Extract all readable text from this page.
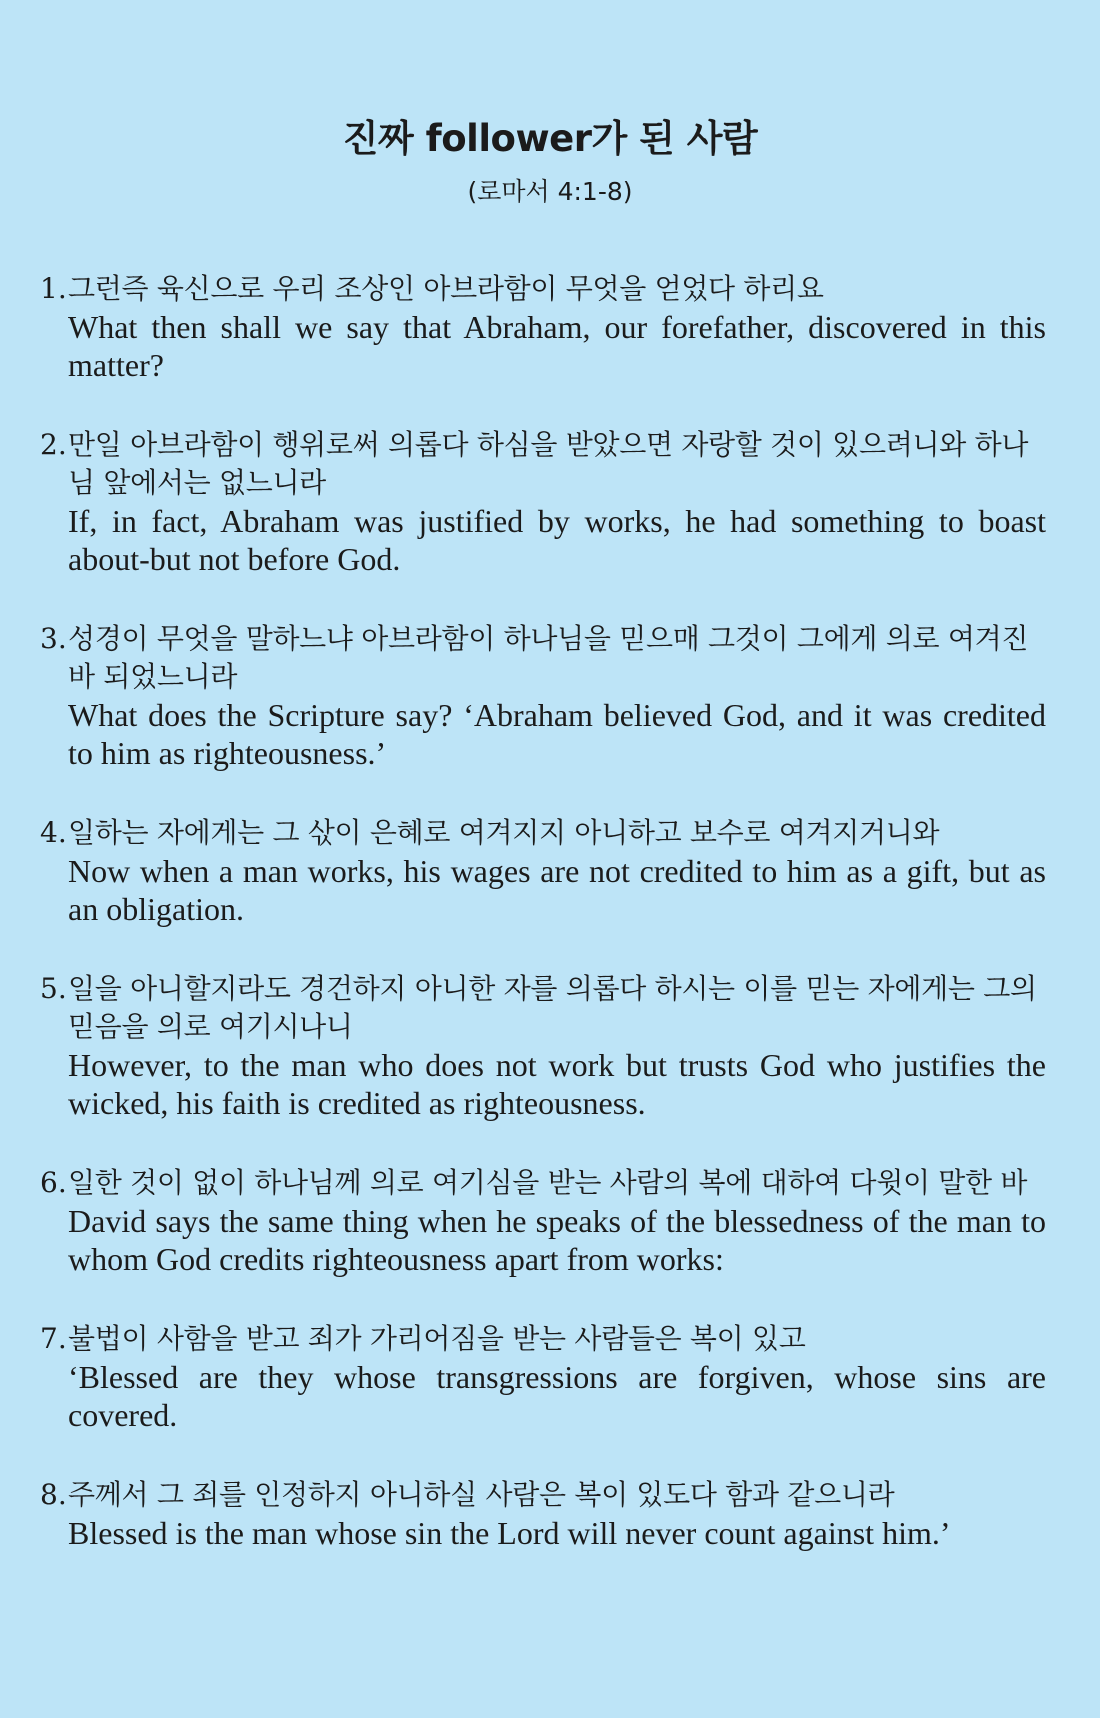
진짜 follower가 된 사람
(로마서 4:1-8)
1. 그런즉 육신으로 우리 조상인 아브라함이 무엇을 얻었다 하리요
What then shall we say that Abraham, our forefather, discovered in this matter?
2. 만일 아브라함이 행위로써 의롭다 하심을 받았으면 자랑할 것이 있으려니와 하나님 앞에서는 없느니라
If, in fact, Abraham was justified by works, he had something to boast about-but not before God.
3. 성경이 무엇을 말하느냐 아브라함이 하나님을 믿으매 그것이 그에게 의로 여겨진 바 되었느니라
What does the Scripture say? ‘Abraham believed God, and it was credited to him as righteousness.’
4. 일하는 자에게는 그 삯이 은혜로 여겨지지 아니하고 보수로 여겨지거니와
Now when a man works, his wages are not credited to him as a gift, but as an obligation.
5. 일을 아니할지라도 경건하지 아니한 자를 의롭다 하시는 이를 믿는 자에게는 그의 믿음을 의로 여기시나니
However, to the man who does not work but trusts God who justifies the wicked, his faith is credited as righteousness.
6. 일한 것이 없이 하나님께 의로 여기심을 받는 사람의 복에 대하여 다윗이 말한 바
David says the same thing when he speaks of the blessedness of the man to whom God credits righteousness apart from works:
7. 불법이 사함을 받고 죄가 가리어짐을 받는 사람들은 복이 있고
‘Blessed are they whose transgressions are forgiven, whose sins are covered.
8. 주께서 그 죄를 인정하지 아니하실 사람은 복이 있도다 함과 같으니라
Blessed is the man whose sin the Lord will never count against him.’
